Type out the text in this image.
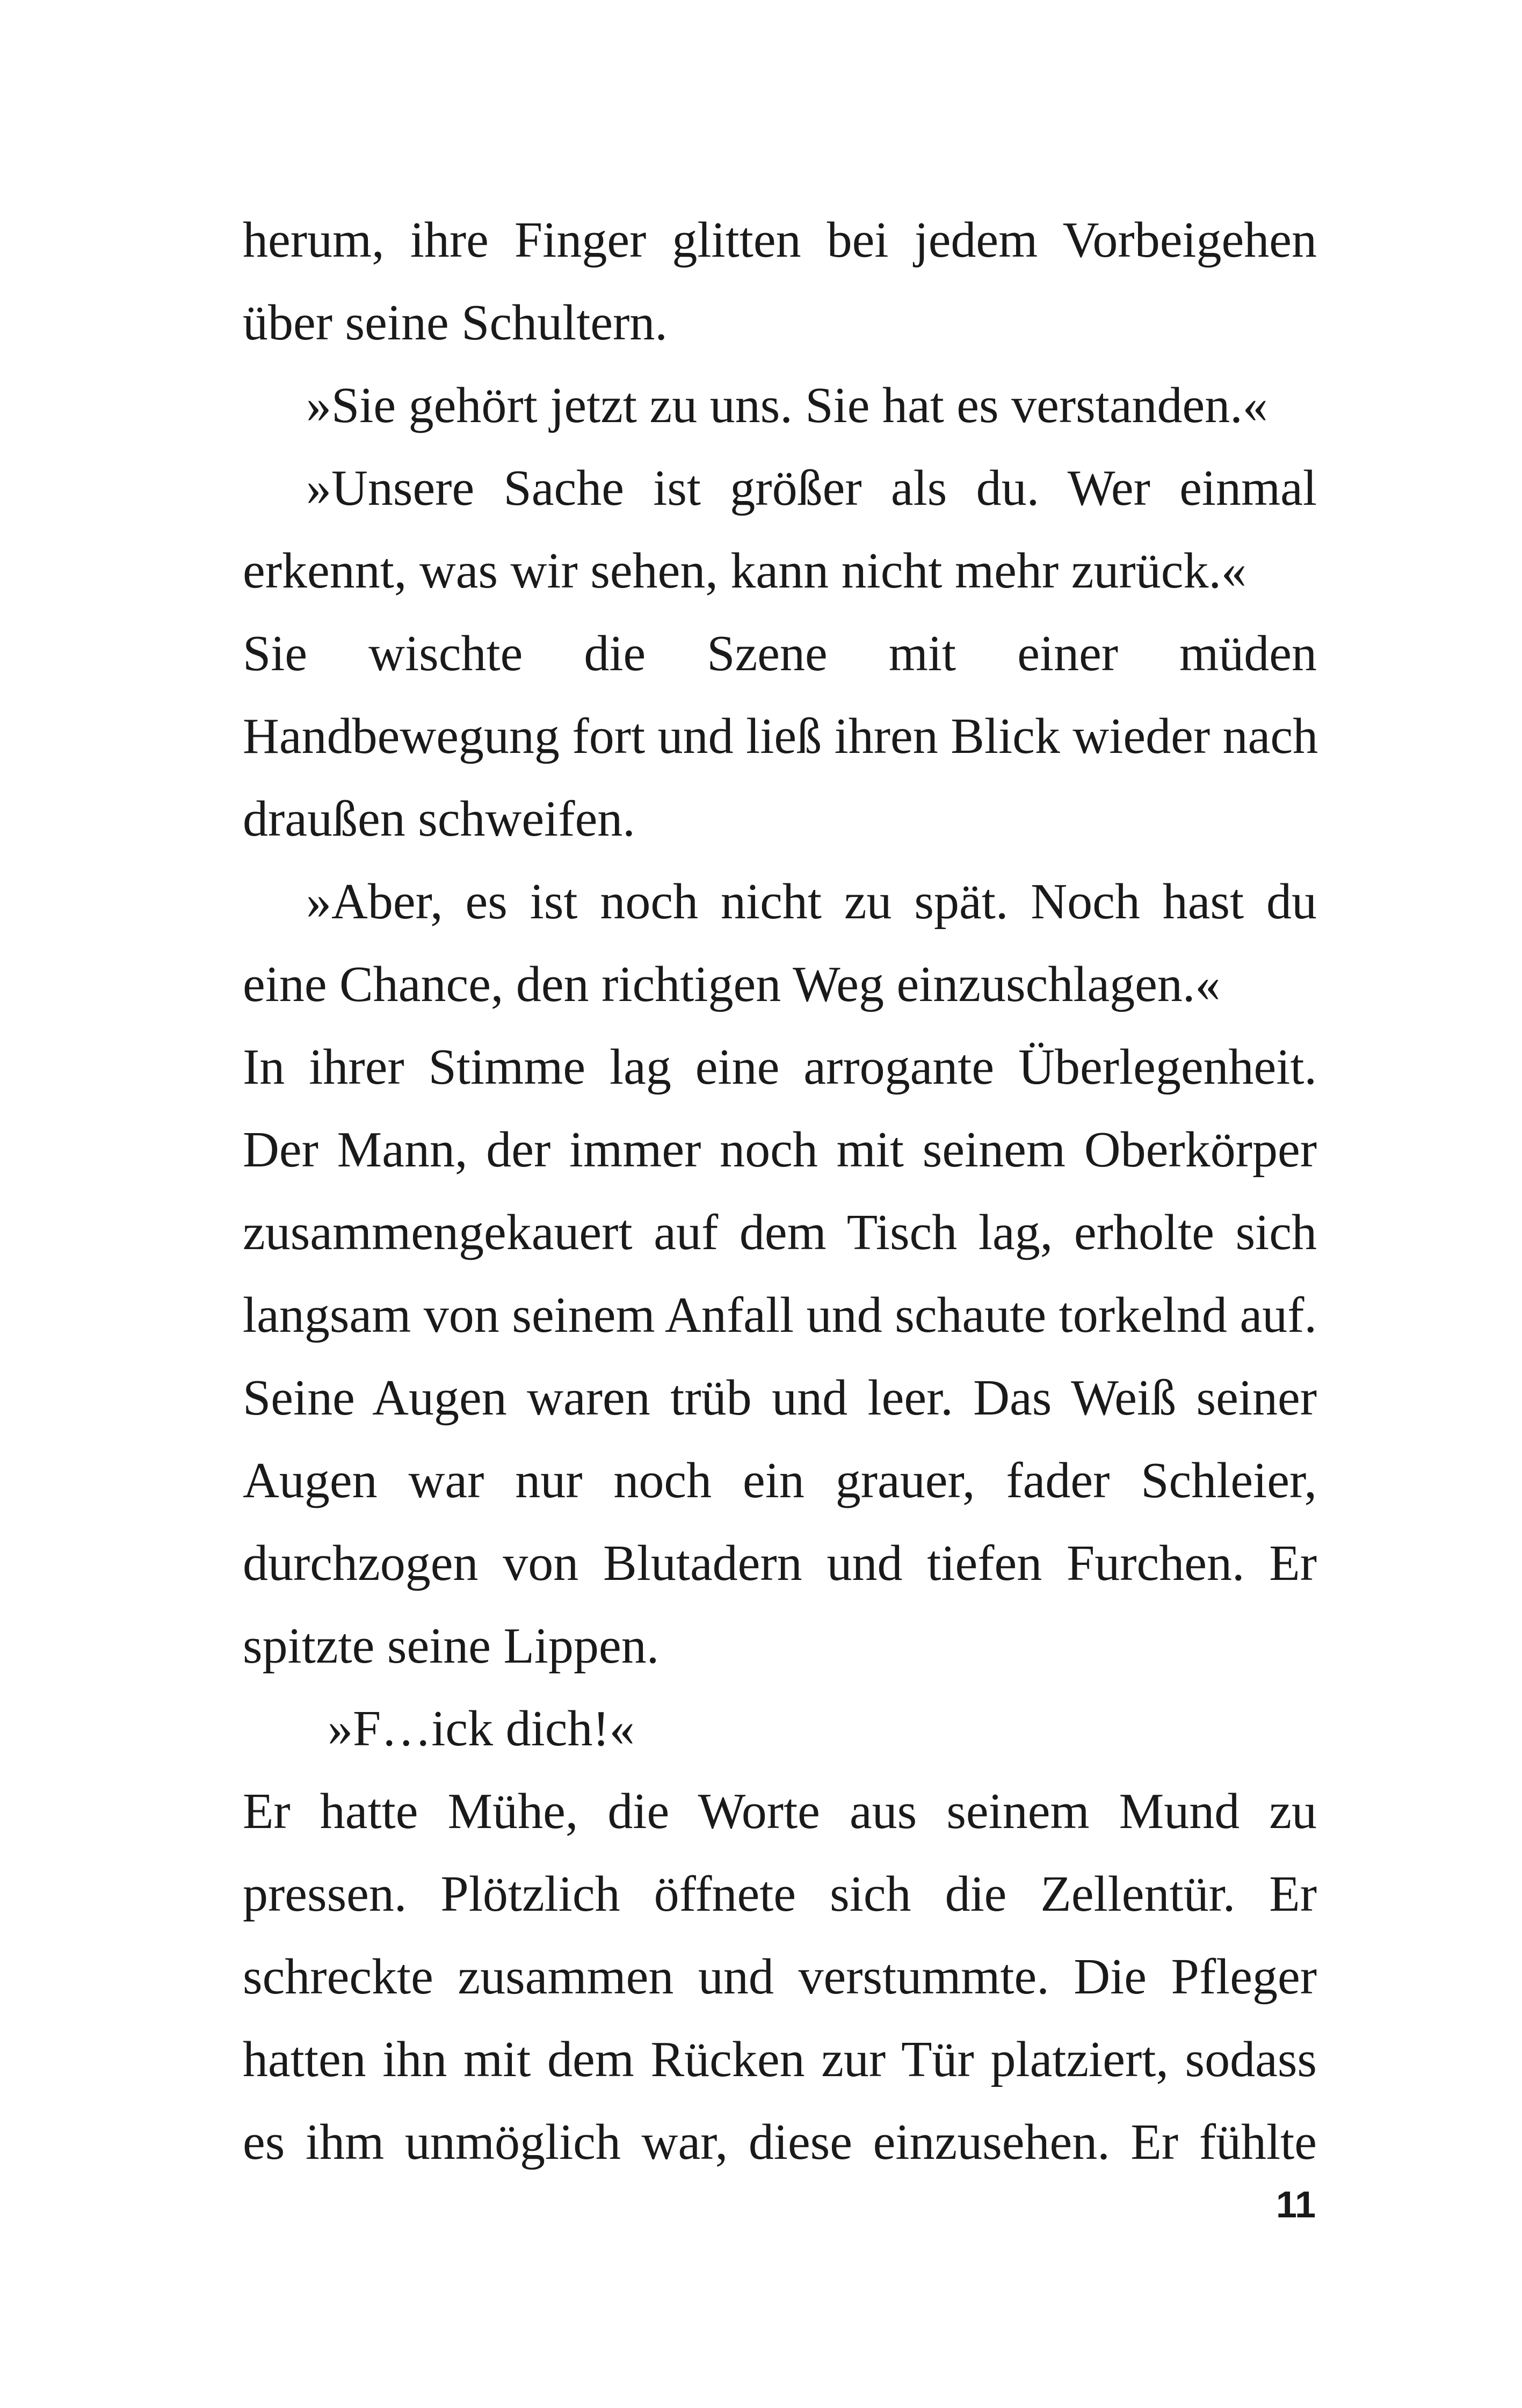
herum, ihre Finger glitten bei jedem Vorbeigehen
über seine Schultern.
»Sie gehört jetzt zu uns. Sie hat es verstanden.«
»Unsere Sache ist größer als du. Wer einmal
erkennt, was wir sehen, kann nicht mehr zurück.«
Sie wischte die Szene mit einer müden
Handbewegung fort und ließ ihren Blick wieder nach
draußen schweifen.
»Aber, es ist noch nicht zu spät. Noch hast du
eine Chance, den richtigen Weg einzuschlagen.«
In ihrer Stimme lag eine arrogante Überlegenheit.
Der Mann, der immer noch mit seinem Oberkörper
zusammengekauert auf dem Tisch lag, erholte sich
langsam von seinem Anfall und schaute torkelnd auf.
Seine Augen waren trüb und leer. Das Weiß seiner
Augen war nur noch ein grauer, fader Schleier,
durchzogen von Blutadern und tiefen Furchen. Er
spitzte seine Lippen.
»F…ick dich!«
Er hatte Mühe, die Worte aus seinem Mund zu
pressen. Plötzlich öffnete sich die Zellentür. Er
schreckte zusammen und verstummte. Die Pfleger
hatten ihn mit dem Rücken zur Tür platziert, sodass
es ihm unmöglich war, diese einzusehen. Er fühlte
11
